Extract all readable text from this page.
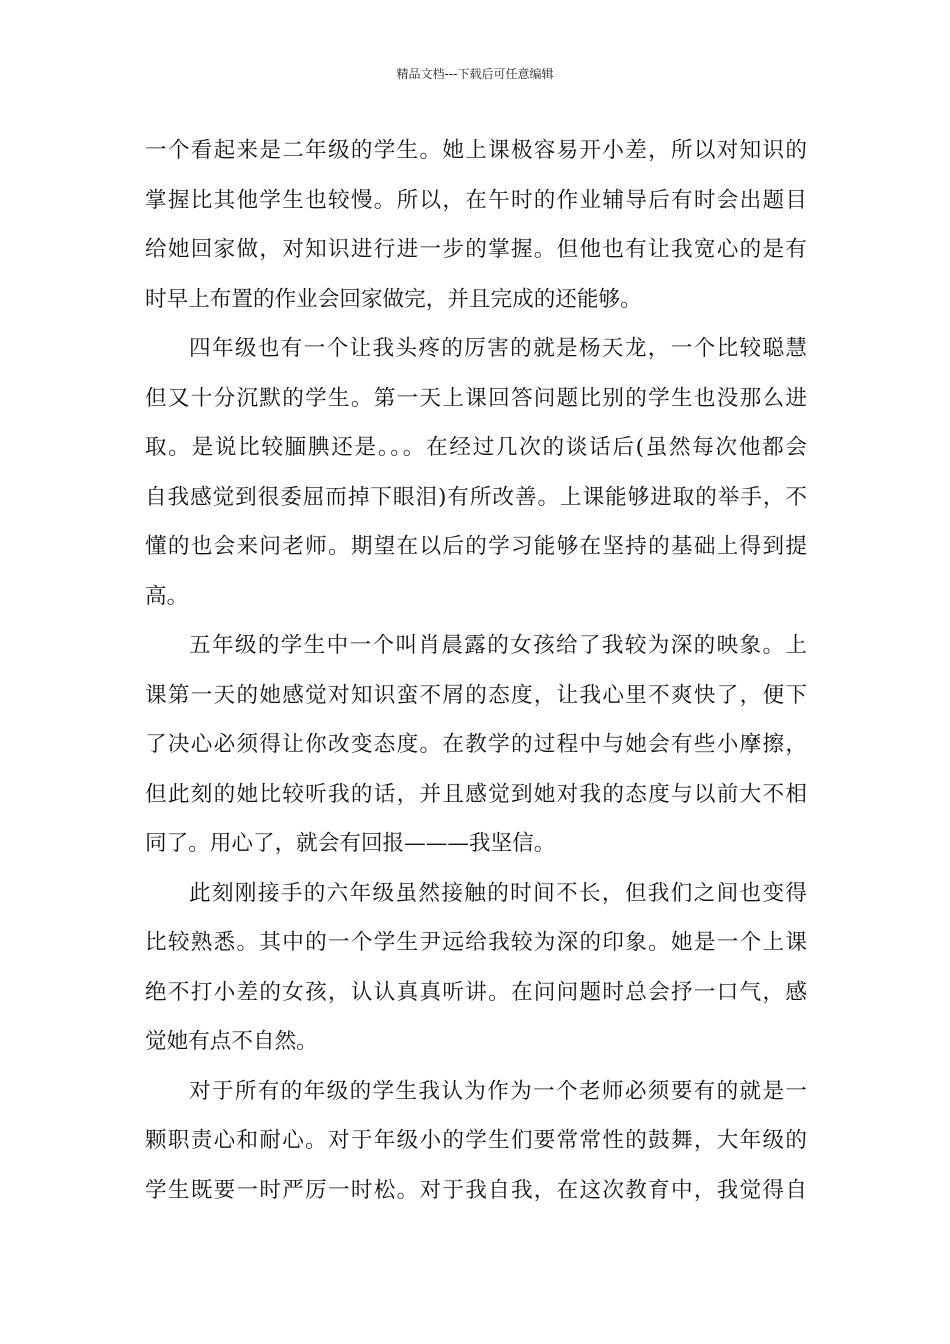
精品文档---下载后可任意编辑
一个看起来是二年级的学生。她上课极容易开小差，所以对知识的
掌握比其他学生也较慢。所以，在午时的作业辅导后有时会出题目
给她回家做，对知识进行进一步的掌握。但他也有让我宽心的是有
时早上布置的作业会回家做完，并且完成的还能够。
四年级也有一个让我头疼的厉害的就是杨天龙，一个比较聪慧
但又十分沉默的学生。第一天上课回答问题比别的学生也没那么进
取。是说比较腼腆还是。。。在经过几次的谈话后(虽然每次他都会
自我感觉到很委屈而掉下眼泪)有所改善。上课能够进取的举手，不
懂的也会来问老师。期望在以后的学习能够在坚持的基础上得到提
高。
五年级的学生中一个叫肖晨露的女孩给了我较为深的映象。上
课第一天的她感觉对知识蛮不屑的态度，让我心里不爽快了，便下
了决心必须得让你改变态度。在教学的过程中与她会有些小摩擦，
但此刻的她比较听我的话，并且感觉到她对我的态度与以前大不相
同了。用心了，就会有回报———我坚信。
此刻刚接手的六年级虽然接触的时间不长，但我们之间也变得
比较熟悉。其中的一个学生尹远给我较为深的印象。她是一个上课
绝不打小差的女孩，认认真真听讲。在问问题时总会抒一口气，感
觉她有点不自然。
对于所有的年级的学生我认为作为一个老师必须要有的就是一
颗职责心和耐心。对于年级小的学生们要常常性的鼓舞，大年级的
学生既要一时严厉一时松。对于我自我，在这次教育中，我觉得自
